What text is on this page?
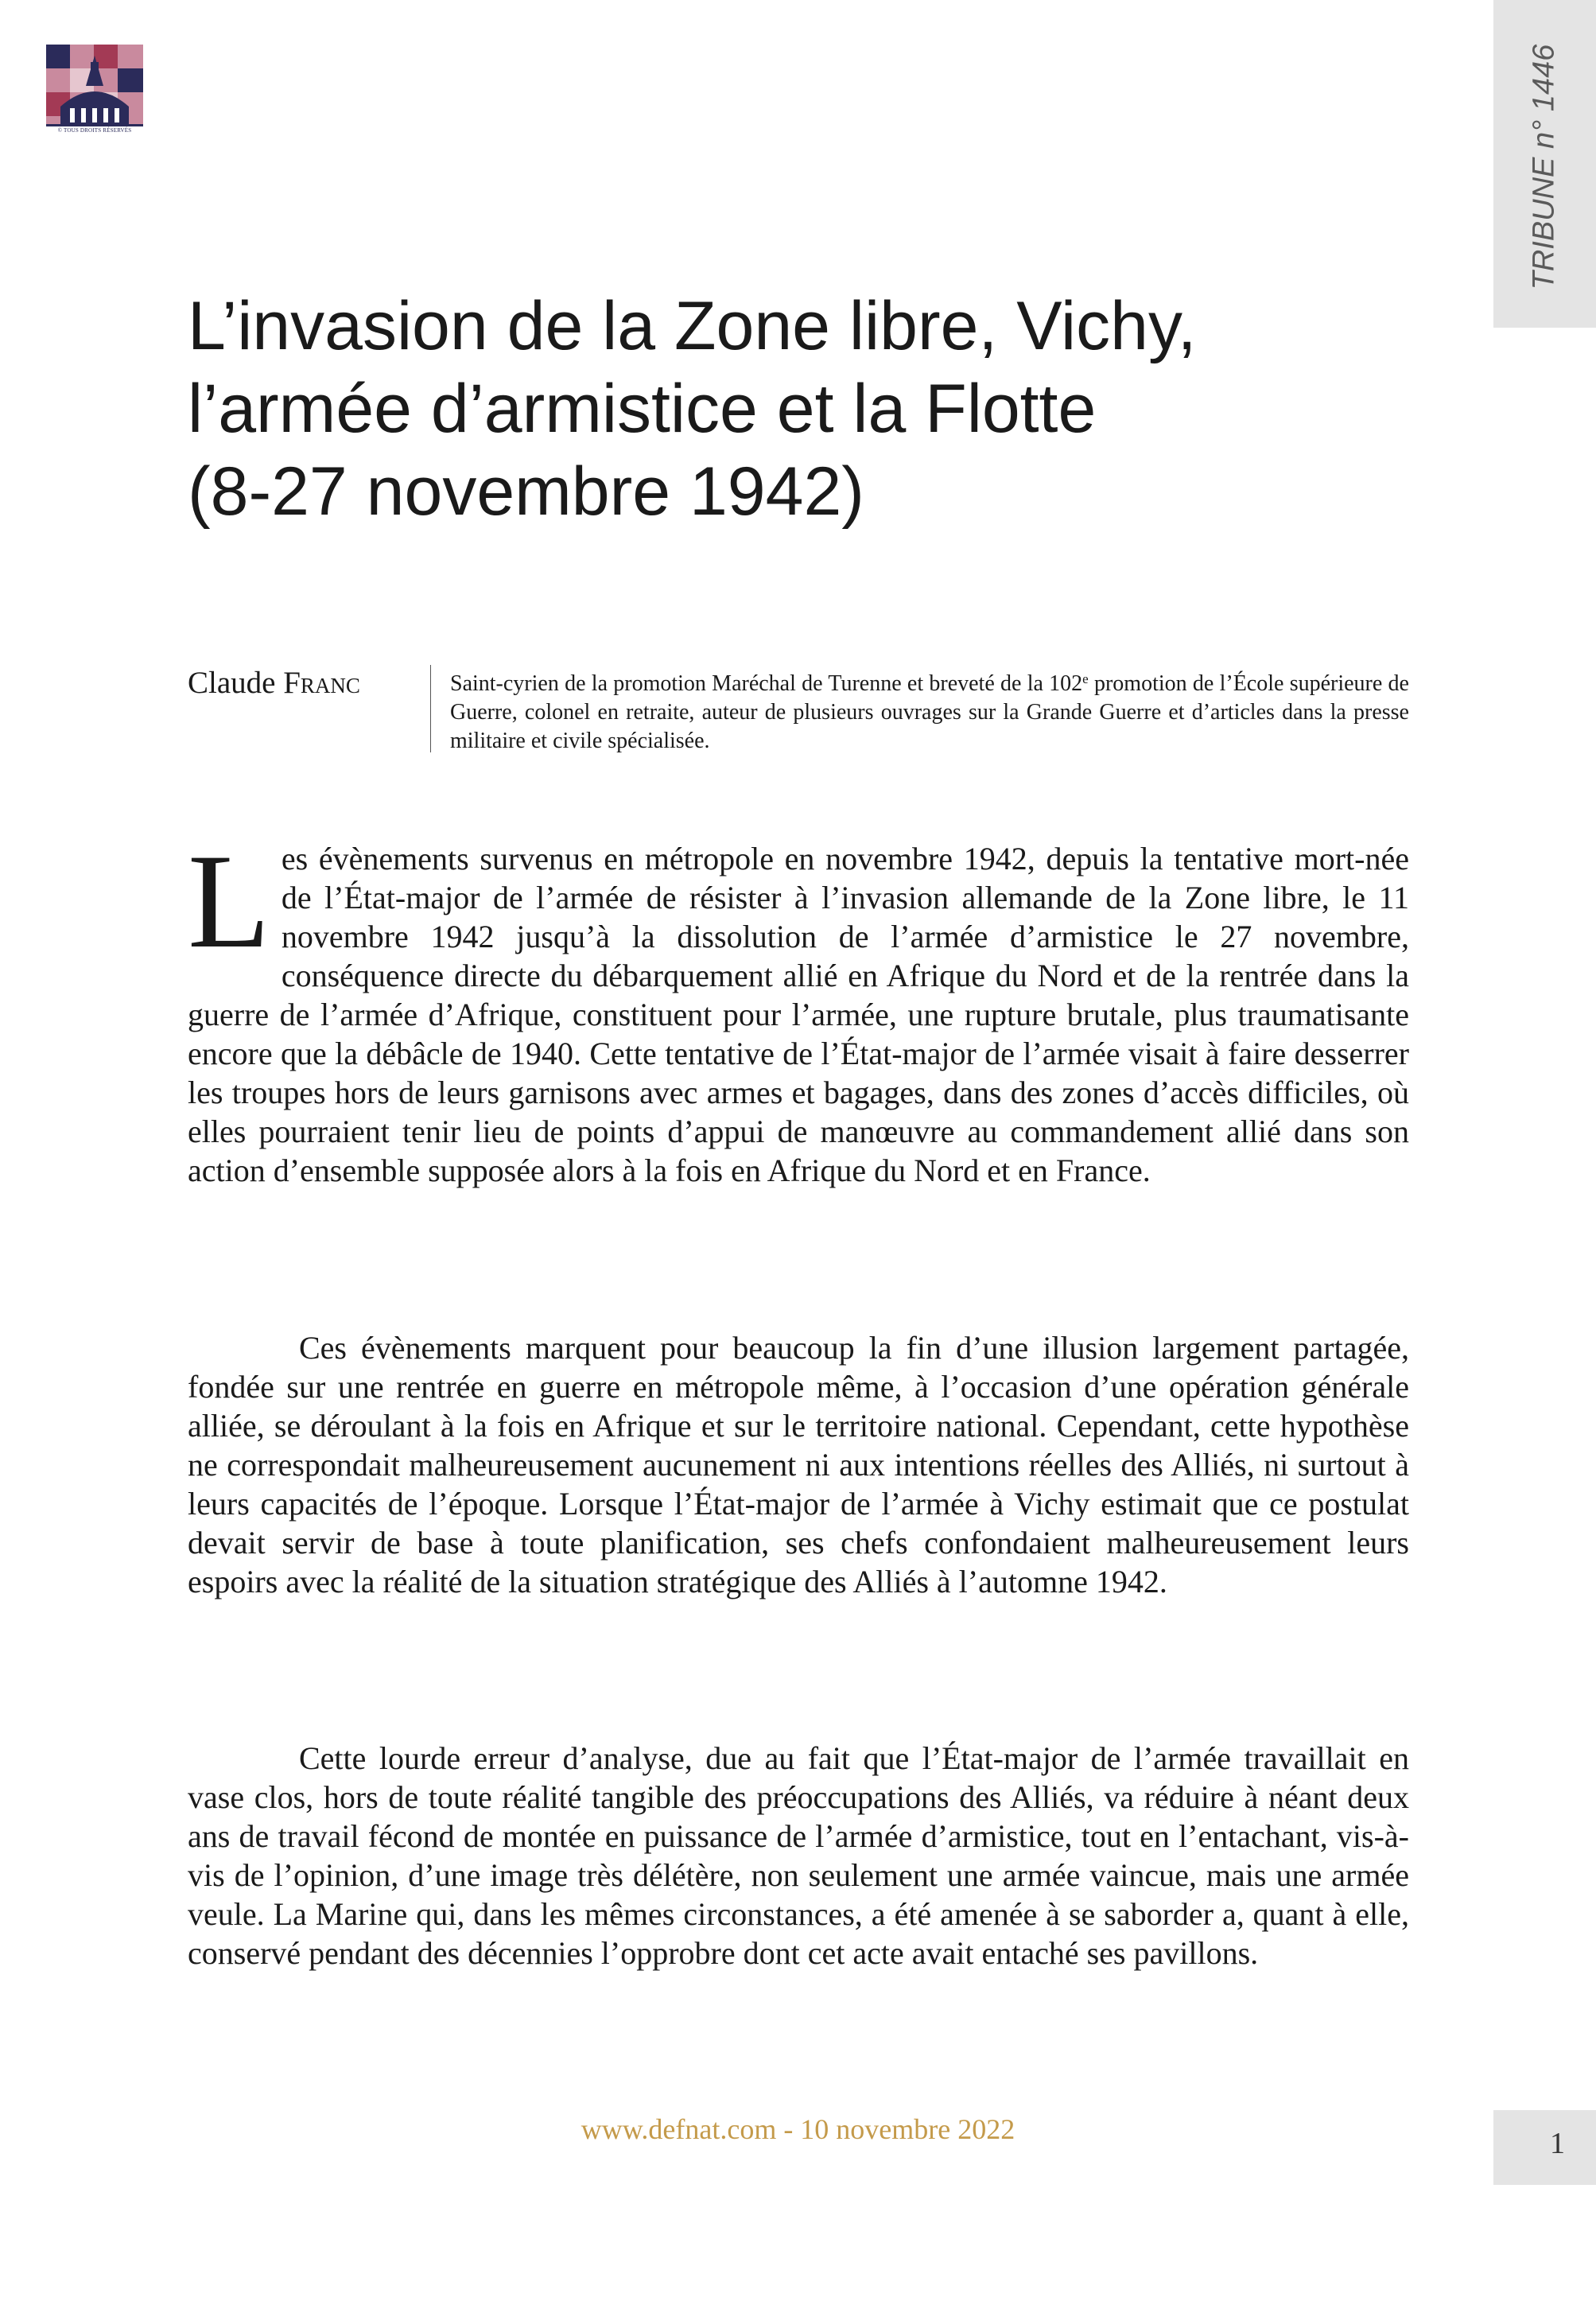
© TOUS DROITS RÉSERVÉS	TRIBUNE n° 1446
L’invasion de la Zone libre, Vichy,
l’armée d’armistice et la Flotte
(8-27 novembre 1942)
Claude Franc	Saint-cyrien de la promotion Maréchal de Turenne et breveté de la 102e promotion de l’École supérieure de Guerre, colonel en retraite, auteur de plusieurs ouvrages sur la Grande Guerre et d’articles dans la presse militaire et civile spécialisée.

Les évènements survenus en métropole en novembre 1942, depuis la tentative mort-née de l’État-major de l’armée de résister à l’invasion allemande de la Zone libre, le 11 novembre 1942 jusqu’à la dissolution de l’armée d’armistice le 27 novembre, conséquence directe du débarquement allié en Afrique du Nord et de la rentrée dans la guerre de l’armée d’Afrique, constituent pour l’armée, une rupture brutale, plus traumatisante encore que la débâcle de 1940. Cette tentative de l’État-major de l’armée visait à faire desserrer les troupes hors de leurs garnisons avec armes et bagages, dans des zones d’accès difficiles, où elles pourraient tenir lieu de points d’appui de manœuvre au commandement allié dans son action d’ensemble supposée alors à la fois en Afrique du Nord et en France.

Ces évènements marquent pour beaucoup la fin d’une illusion largement partagée, fondée sur une rentrée en guerre en métropole même, à l’occasion d’une opération générale alliée, se déroulant à la fois en Afrique et sur le territoire national. Cependant, cette hypothèse ne correspondait malheureusement aucunement ni aux intentions réelles des Alliés, ni surtout à leurs capacités de l’époque. Lorsque l’État-major de l’armée à Vichy estimait que ce postulat devait servir de base à toute planification, ses chefs confondaient malheureusement leurs espoirs avec la réalité de la situation stratégique des Alliés à l’automne 1942.

Cette lourde erreur d’analyse, due au fait que l’État-major de l’armée travaillait en vase clos, hors de toute réalité tangible des préoccupations des Alliés, va réduire à néant deux ans de travail fécond de montée en puissance de l’armée d’armistice, tout en l’entachant, vis-à-vis de l’opinion, d’une image très délétère, non seulement une armée vaincue, mais une armée veule. La Marine qui, dans les mêmes circonstances, a été amenée à se saborder a, quant à elle, conservé pendant des décennies l’opprobre dont cet acte avait entaché ses pavillons.

www.defnat.com - 10 novembre 2022	1
